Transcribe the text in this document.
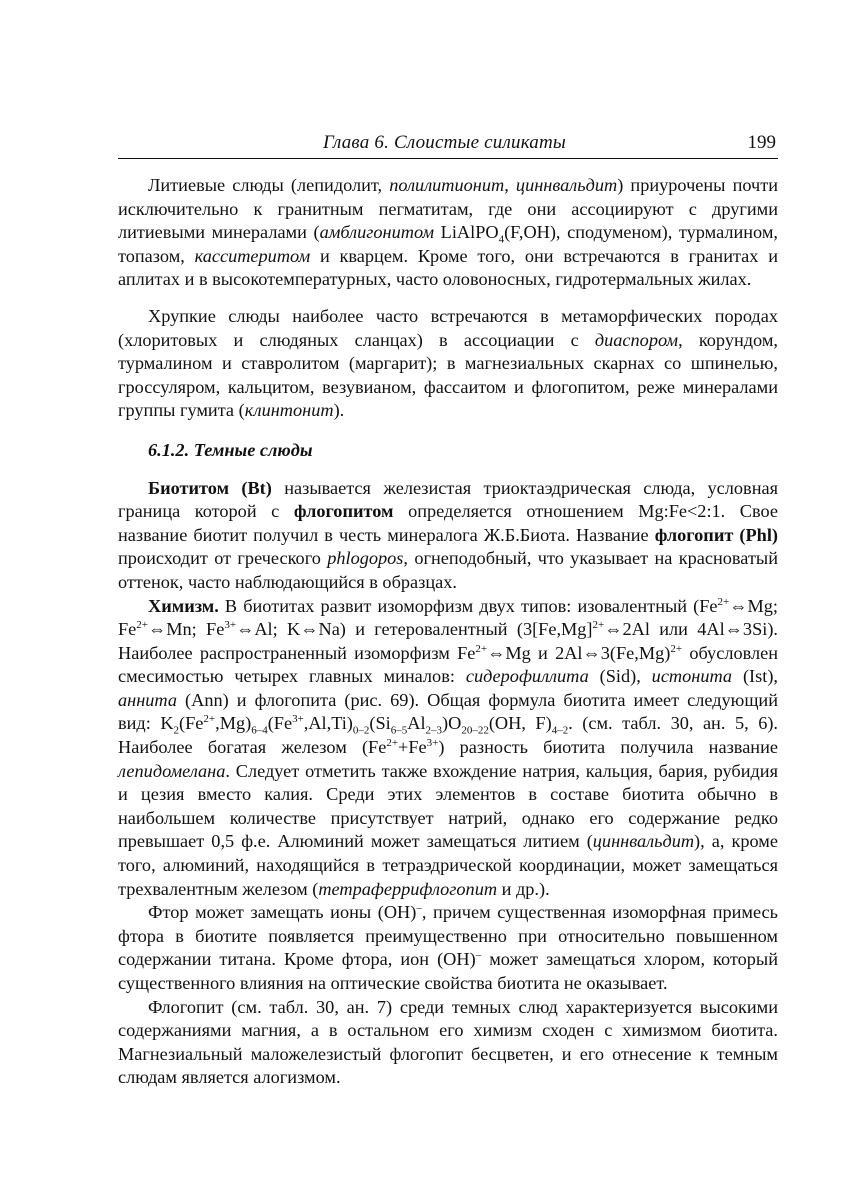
Глава 6. Слоистые силикаты	199

Литиевые слюды (лепидолит, полилитионит, циннвальдит) приурочены почти исключительно к гранитным пегматитам, где они ассоциируют с другими литиевыми минералами (амблигонитом LiAlPO$_4$(F,OH), сподуменом), турмалином, топазом, касситеритом и кварцем. Кроме того, они встречаются в гранитах и аплитах и в высокотемпературных, часто оловоносных, гидротермальных жилах.

Хрупкие слюды наиболее часто встречаются в метаморфических породах (хлоритовых и слюдяных сланцах) в ассоциации с диаспором, корундом, турмалином и ставролитом (маргарит); в магнезиальных скарнах со шпинелью, гроссуляром, кальцитом, везувианом, фассаитом и флогопитом, реже минералами группы гумита (клинтонит).

6.1.2. Темные слюды

Биотитом (Bt) называется железистая триоктаэдрическая слюда, условная граница которой с флогопитом определяется отношением Mg:Fe<2:1. Свое название биотит получил в честь минералога Ж.Б.Биота. Название флогопит (Phl) происходит от греческого phlogopos, огнеподобный, что указывает на красноватый оттенок, часто наблюдающийся в образцах.

Химизм. В биотитах развит изоморфизм двух типов: изовалентный ($Fe^{2+}\Leftrightarrow Mg$; $Fe^{2+}\Leftrightarrow Mn$; $Fe^{3+}\Leftrightarrow Al$; K⇔Na) и гетеровалентный ($3[Fe,Mg]^{2+}\Leftrightarrow 2Al$ или 4Al⇔3Si). Наиболее распространенный изоморфизм $Fe^{2+}\Leftrightarrow Mg$ и $2Al\Leftrightarrow 3(Fe,Mg)^{2+}$ обусловлен смесимостью четырех главных миналов: сидерофиллита (Sid), истонита (Ist), аннита (Ann) и флогопита (рис. 69). Общая формула биотита имеет следующий вид: $K_2(Fe^{2+},Mg)_{6-4}(Fe^{3+},Al,Ti)_{0-2}(Si_{6-5}Al_{2-3})O_{20-22}(OH$, $F)_{4-2}$. (см. табл. 30, ан. 5, 6). Наиболее богатая железом $(Fe^{2+}+Fe^{3+})$ разность биотита получила название лепидомелана. Следует отметить также вхождение натрия, кальция, бария, рубидия и цезия вместо калия. Среди этих элементов в составе биотита обычно в наибольшем количестве присутствует натрий, однако его содержание редко превышает 0,5 ф.е. Алюминий может замещаться литием (циннвальдит), а, кроме того, алюминий, находящийся в тетраэдрической координации, может замещаться трехвалентным железом (тетраферрифлогопит и др.).

Фтор может замещать ионы (OH)–, причем существенная изоморфная примесь фтора в биотите появляется преимущественно при относительно повышенном содержании титана. Кроме фтора, ион (OH)– может замещаться хлором, который существенного влияния на оптические свойства биотита не оказывает.

Флогопит (см. табл. 30, ан. 7) среди темных слюд характеризуется высокими содержаниями магния, а в остальном его химизм сходен с химизмом биотита. Магнезиальный маложелезистый флогопит бесцветен, и его отнесение к темным слюдам является алогизмом.
